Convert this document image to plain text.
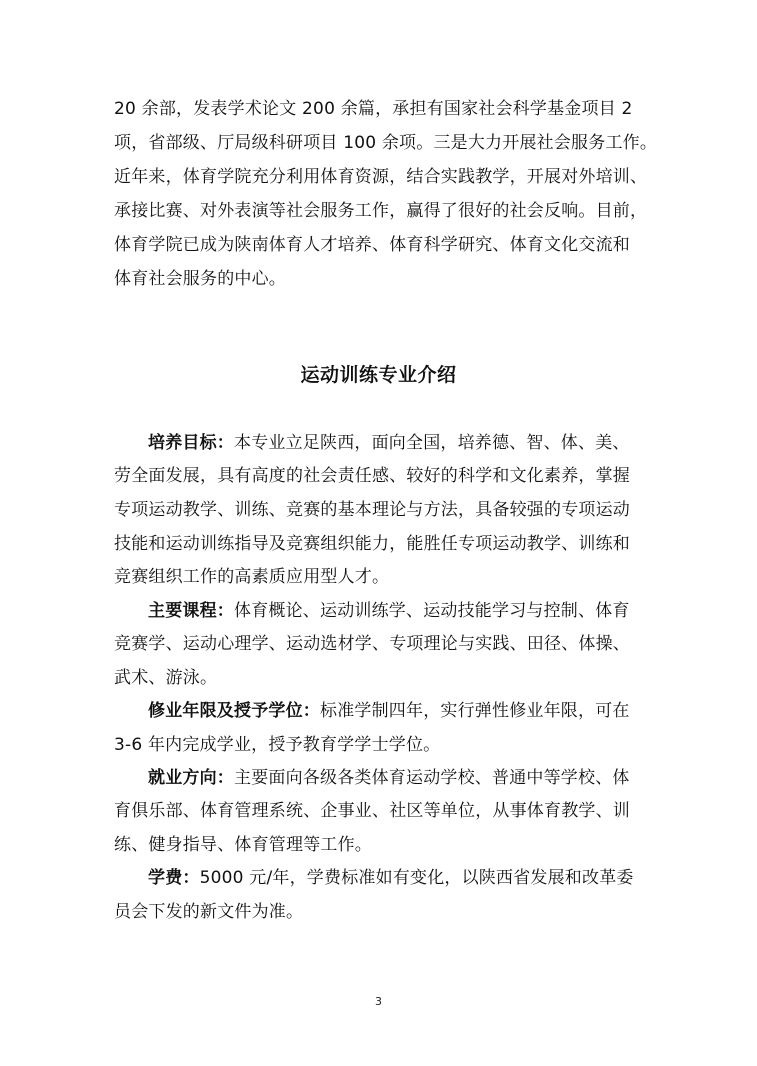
20 余部，发表学术论文 200 余篇，承担有国家社会科学基金项目 2
项，省部级、厅局级科研项目 100 余项。三是大力开展社会服务工作。
近年来，体育学院充分利用体育资源，结合实践教学，开展对外培训、
承接比赛、对外表演等社会服务工作，赢得了很好的社会反响。目前，
体育学院已成为陕南体育人才培养、体育科学研究、体育文化交流和
体育社会服务的中心。
运动训练专业介绍
培养目标：本专业立足陕西，面向全国，培养德、智、体、美、
劳全面发展，具有高度的社会责任感、较好的科学和文化素养，掌握
专项运动教学、训练、竞赛的基本理论与方法，具备较强的专项运动
技能和运动训练指导及竞赛组织能力，能胜任专项运动教学、训练和
竞赛组织工作的高素质应用型人才。
主要课程：体育概论、运动训练学、运动技能学习与控制、体育
竞赛学、运动心理学、运动选材学、专项理论与实践、田径、体操、
武术、游泳。
修业年限及授予学位：标准学制四年，实行弹性修业年限，可在
3-6 年内完成学业，授予教育学学士学位。
就业方向：主要面向各级各类体育运动学校、普通中等学校、体
育俱乐部、体育管理系统、企事业、社区等单位，从事体育教学、训
练、健身指导、体育管理等工作。
学费：5000 元/年，学费标准如有变化，以陕西省发展和改革委
员会下发的新文件为准。
3
